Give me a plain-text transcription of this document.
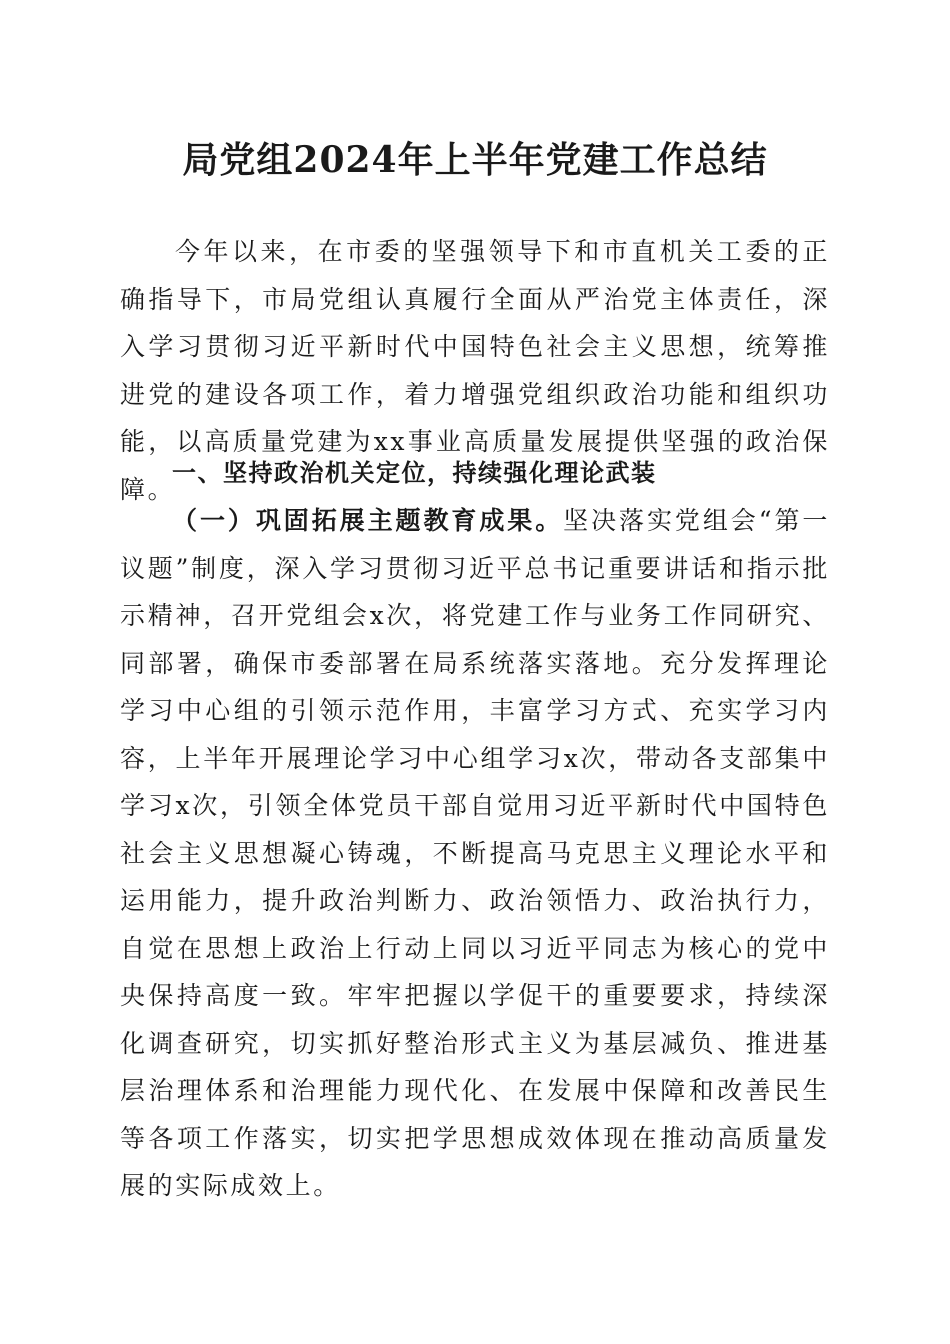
局党组2024年上半年党建工作总结

今年以来，在市委的坚强领导下和市直机关工委的正确指导下，市局党组认真履行全面从严治党主体责任，深入学习贯彻习近平新时代中国特色社会主义思想，统筹推进党的建设各项工作，着力增强党组织政治功能和组织功能，以高质量党建为xx事业高质量发展提供坚强的政治保障。

一、坚持政治机关定位，持续强化理论武装

（一）巩固拓展主题教育成果。坚决落实党组会“第一议题”制度，深入学习贯彻习近平总书记重要讲话和指示批示精神，召开党组会x次，将党建工作与业务工作同研究、同部署，确保市委部署在局系统落实落地。充分发挥理论学习中心组的引领示范作用，丰富学习方式、充实学习内容，上半年开展理论学习中心组学习x次，带动各支部集中学习x次，引领全体党员干部自觉用习近平新时代中国特色社会主义思想凝心铸魂，不断提高马克思主义理论水平和运用能力，提升政治判断力、政治领悟力、政治执行力，自觉在思想上政治上行动上同以习近平同志为核心的党中央保持高度一致。牢牢把握以学促干的重要要求，持续深化调查研究，切实抓好整治形式主义为基层减负、推进基层治理体系和治理能力现代化、在发展中保障和改善民生等各项工作落实，切实把学思想成效体现在推动高质量发展的实际成效上。
